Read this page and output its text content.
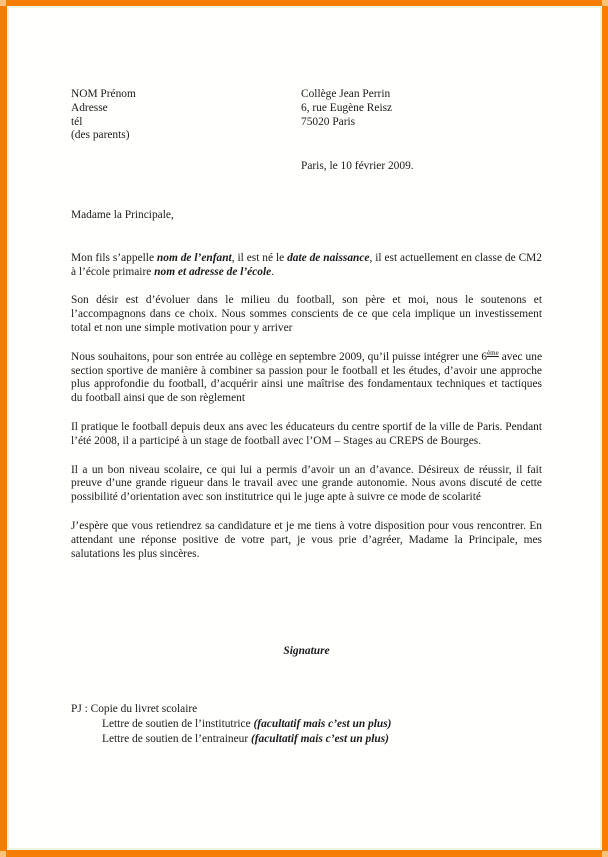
NOM Prénom
Adresse
tél
(des parents)
Collège Jean Perrin
6, rue Eugène Reisz
75020 Paris
Paris, le 10 février 2009.
Madame la Principale,

Mon fils s’appelle nom de l’enfant, il est né le date de naissance, il est actuellement en classe de CM2 à l’école primaire nom et adresse de l’école.

Son désir est d’évoluer dans le milieu du football, son père et moi, nous le soutenons et l’accompagnons dans ce choix. Nous sommes conscients de ce que cela implique un investissement total et non une simple motivation pour y arriver

Nous souhaitons, pour son entrée au collège en septembre 2009, qu’il puisse intégrer une 6ème avec une section sportive de manière à combiner sa passion pour le football et les études, d’avoir une approche plus approfondie du football, d’acquérir ainsi une maîtrise des fondamentaux techniques et tactiques du football ainsi que de son règlement

Il pratique le football depuis deux ans avec les éducateurs du centre sportif de la ville de Paris. Pendant l’été 2008, il a participé à un stage de football avec l’OM – Stages au CREPS de Bourges.

Il a un bon niveau scolaire, ce qui lui a permis d’avoir un an d’avance. Désireux de réussir, il fait preuve d’une grande rigueur dans le travail avec une grande autonomie. Nous avons discuté de cette possibilité d’orientation avec son institutrice qui le juge apte à suivre ce mode de scolarité

J’espère que vous retiendrez sa candidature et je me tiens à votre disposition pour vous rencontrer. En attendant une réponse positive de votre part, je vous prie d’agréer, Madame la Principale, mes salutations les plus sincères.

Signature
PJ : Copie du livret scolaire
Lettre de soutien de l’institutrice (facultatif mais c’est un plus)
Lettre de soutien de l’entraineur (facultatif mais c’est un plus)
